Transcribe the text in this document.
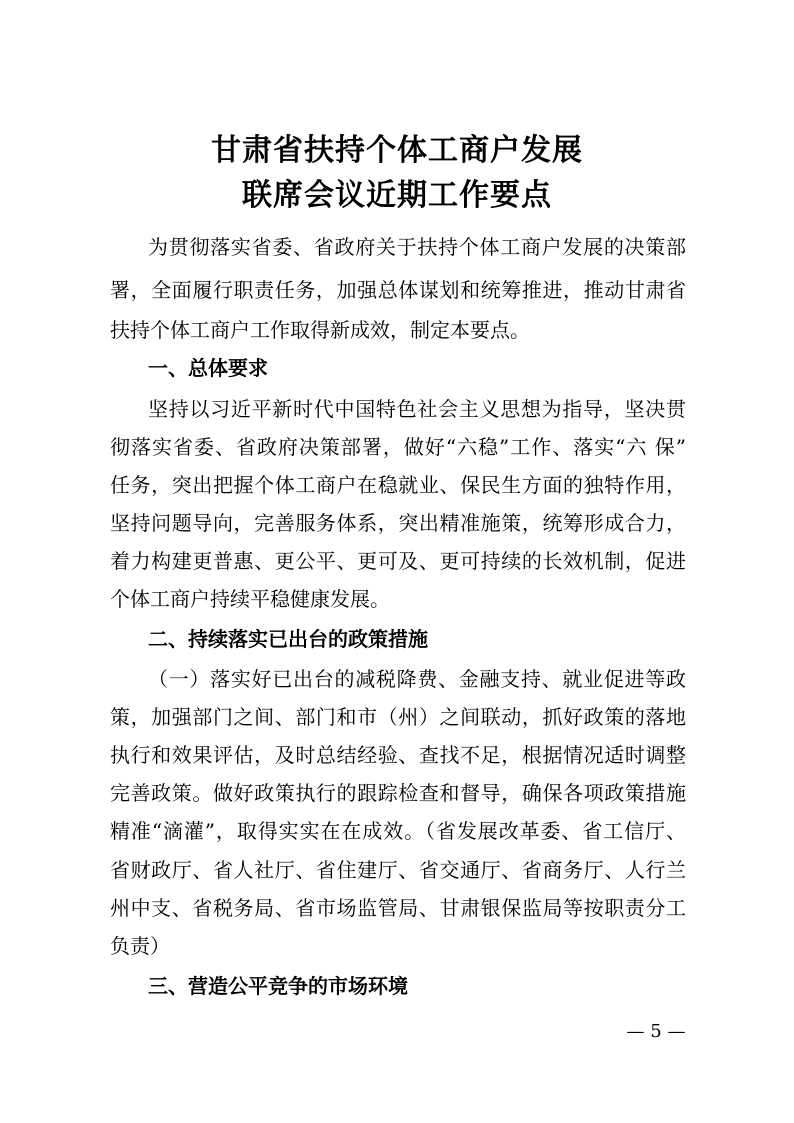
甘肃省扶持个体工商户发展
联席会议近期工作要点
为贯彻落实省委、省政府关于扶持个体工商户发展的决策部
署，全面履行职责任务，加强总体谋划和统筹推进，推动甘肃省
扶持个体工商户工作取得新成效，制定本要点。
一、总体要求
坚持以习近平新时代中国特色社会主义思想为指导，坚决贯
彻落实省委、省政府决策部署，做好“六稳”工作、落实“六 保”
任务，突出把握个体工商户在稳就业、保民生方面的独特作用，
坚持问题导向，完善服务体系，突出精准施策，统筹形成合力，
着力构建更普惠、更公平、更可及、更可持续的长效机制，促进
个体工商户持续平稳健康发展。
二、持续落实已出台的政策措施
（一）落实好已出台的减税降费、金融支持、就业促进等政
策，加强部门之间、部门和市（州）之间联动，抓好政策的落地
执行和效果评估，及时总结经验、查找不足，根据情况适时调整
完善政策。做好政策执行的跟踪检查和督导，确保各项政策措施
精准“滴灌”，取得实实在在成效。（省发展改革委、省工信厅、
省财政厅、省人社厅、省住建厅、省交通厅、省商务厅、人行兰
州中支、省税务局、省市场监管局、甘肃银保监局等按职责分工
负责）
三、营造公平竞争的市场环境
— 5 —
